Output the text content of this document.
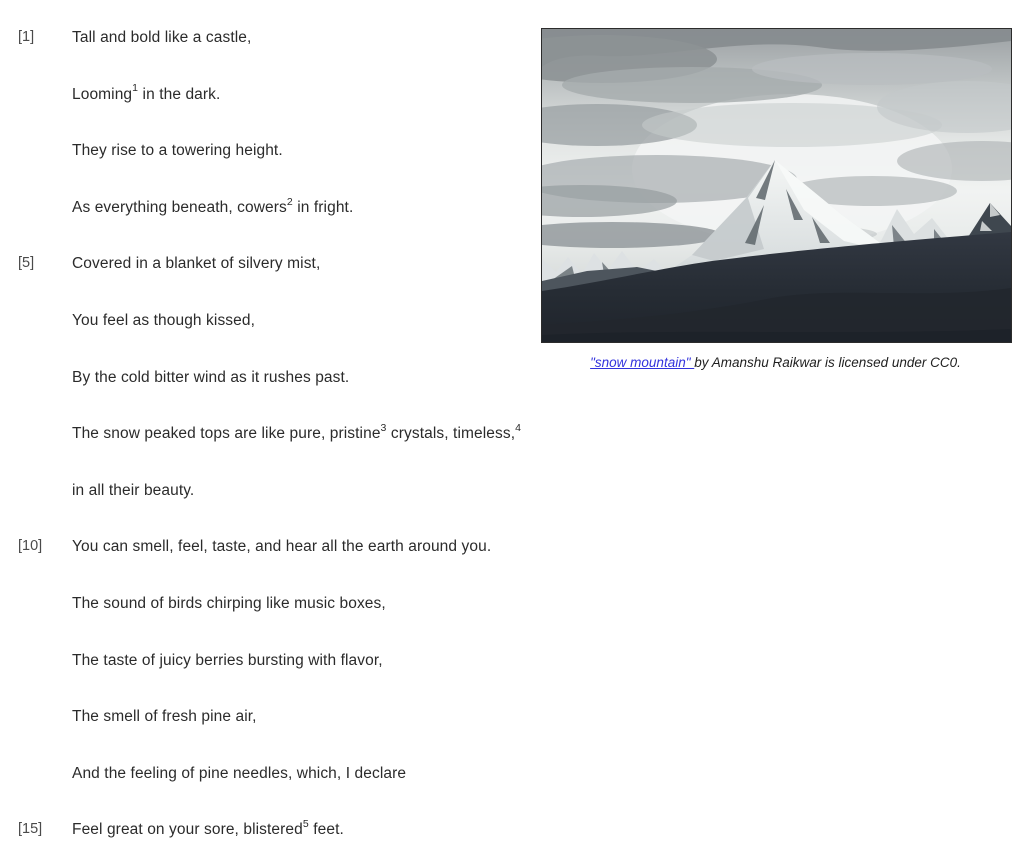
[1]	Tall and bold like a castle,
Looming$^1$ in the dark.
They rise to a towering height.
As everything beneath, cowers$^2$ in fright.
[5]	Covered in a blanket of silvery mist,
You feel as though kissed,
By the cold bitter wind as it rushes past.
The snow peaked tops are like pure, pristine$^3$ crystals, timeless,$^4$
in all their beauty.
[10]	You can smell, feel, taste, and hear all the earth around you.
The sound of birds chirping like music boxes,
The taste of juicy berries bursting with flavor,
The smell of fresh pine air,
And the feeling of pine needles, which, I declare
[15]	Feel great on your sore, blistered$^5$ feet.
"snow mountain" by Amanshu Raikwar is licensed under CC0.
